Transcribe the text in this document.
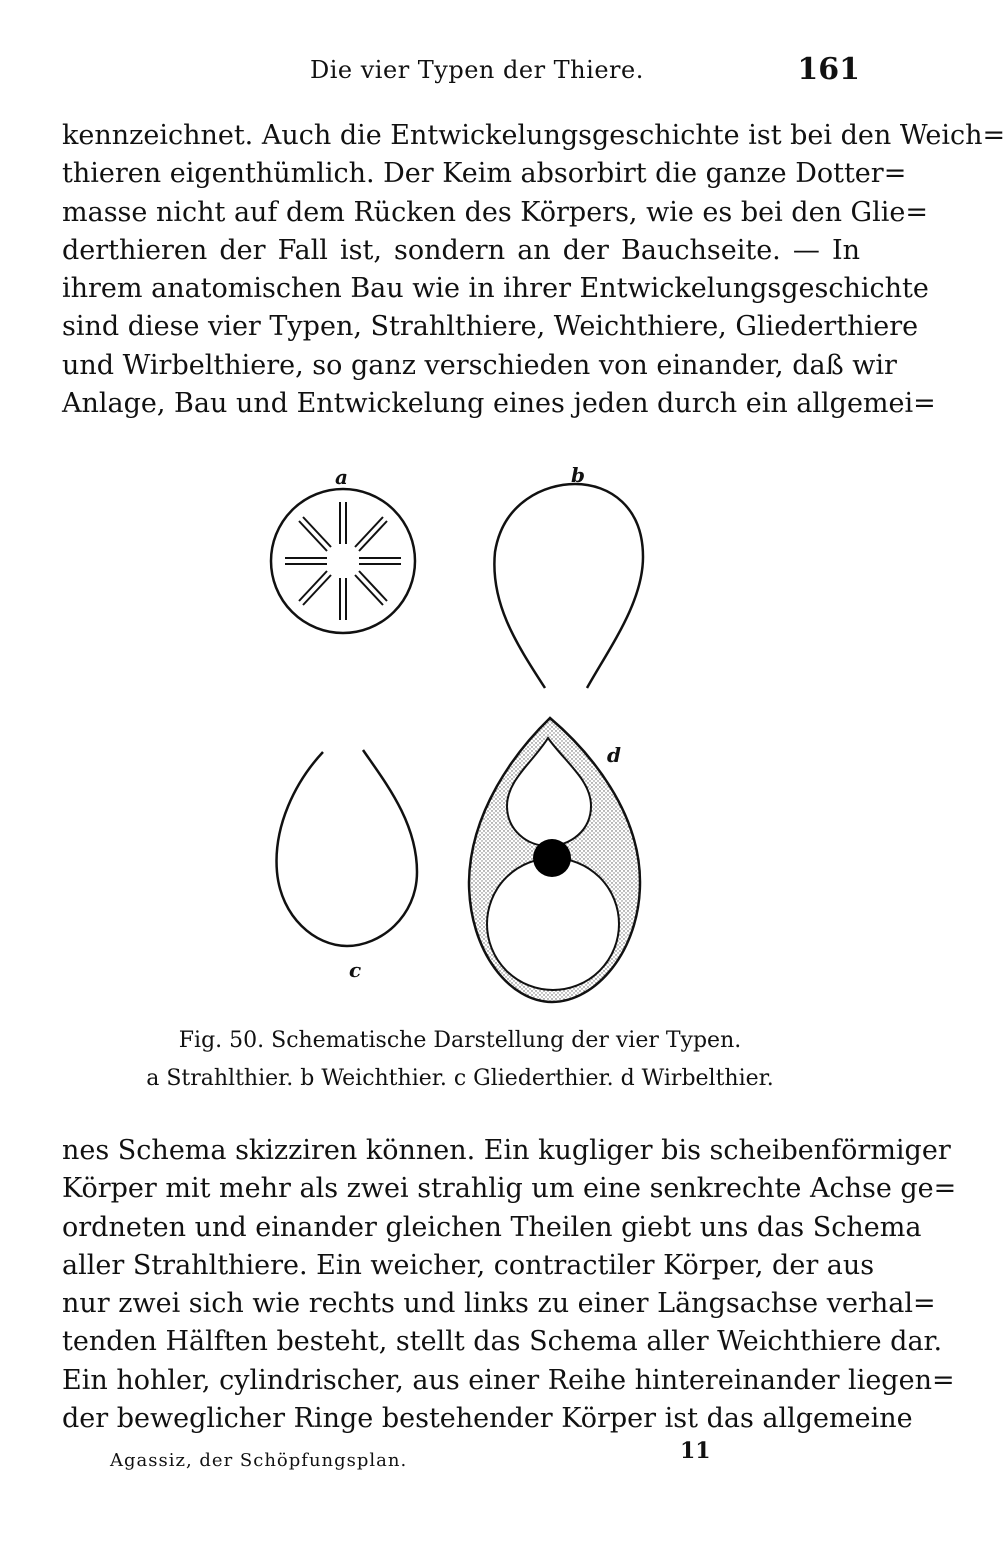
Die vier Typen der Thiere.	161
kennzeichnet. Auch die Entwickelungsgeschichte ist bei den Weich=
thieren eigenthümlich. Der Keim absorbirt die ganze Dotter=
masse nicht auf dem Rücken des Körpers, wie es bei den Glie=
derthieren der Fall ist, sondern an der Bauchseite. — In
ihrem anatomischen Bau wie in ihrer Entwickelungsgeschichte
sind diese vier Typen, Strahlthiere, Weichthiere, Gliederthiere
und Wirbelthiere, so ganz verschieden von einander, daß wir
Anlage, Bau und Entwickelung eines jeden durch ein allgemei=
a	b
c
d
Fig. 50. Schematische Darstellung der vier Typen.
a Strahlthier. b Weichthier. c Gliederthier. d Wirbelthier.
nes Schema skizziren können. Ein kugliger bis scheibenförmiger
Körper mit mehr als zwei strahlig um eine senkrechte Achse ge=
ordneten und einander gleichen Theilen giebt uns das Schema
aller Strahlthiere. Ein weicher, contractiler Körper, der aus
nur zwei sich wie rechts und links zu einer Längsachse verhal=
tenden Hälften besteht, stellt das Schema aller Weichthiere dar.
Ein hohler, cylindrischer, aus einer Reihe hintereinander liegen=
der beweglicher Ringe bestehender Körper ist das allgemeine
Agassiz, der Schöpfungsplan.	11
